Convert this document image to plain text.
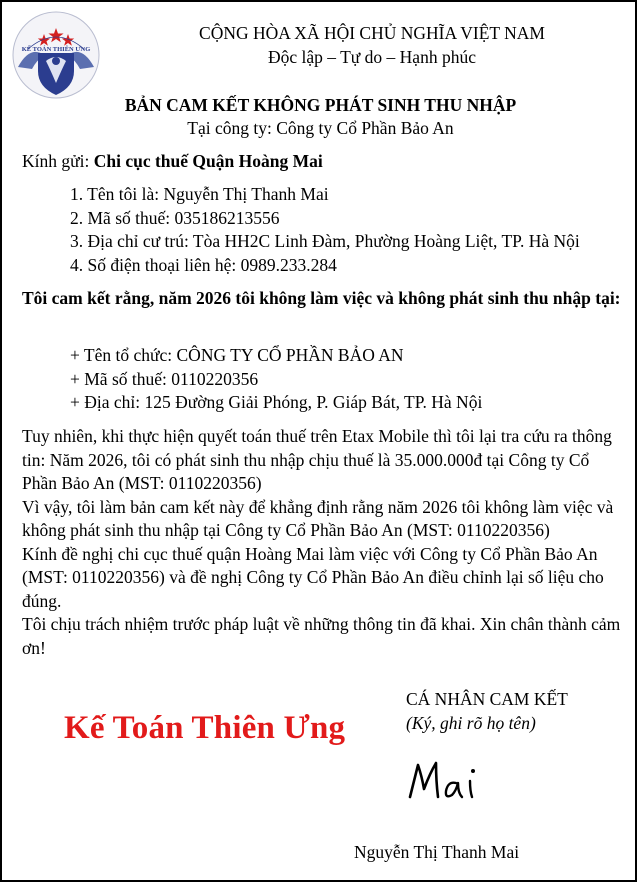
KẾ TOÁN THIÊN ƯNG
CỘNG HÒA XÃ HỘI CHỦ NGHĨA VIỆT NAM
Độc lập – Tự do – Hạnh phúc
BẢN CAM KẾT KHÔNG PHÁT SINH THU NHẬP
Tại công ty: Công ty Cổ Phần Bảo An
Kính gửi: Chi cục thuế Quận Hoàng Mai
1. Tên tôi là: Nguyễn Thị Thanh Mai
2. Mã số thuế: 035186213556
3. Địa chỉ cư trú: Tòa HH2C Linh Đàm, Phường Hoàng Liệt, TP. Hà Nội
4. Số điện thoại liên hệ: 0989.233.284
Tôi cam kết rằng, năm 2026 tôi không làm việc và không phát sinh thu nhập tại:
+ Tên tổ chức: CÔNG TY CỔ PHẦN BẢO AN
+ Mã số thuế: 0110220356
+ Địa chỉ: 125 Đường Giải Phóng, P. Giáp Bát, TP. Hà Nội

Tuy nhiên, khi thực hiện quyết toán thuế trên Etax Mobile thì tôi lại tra cứu ra thông tin: Năm 2026, tôi có phát sinh thu nhập chịu thuế là 35.000.000đ tại Công ty Cổ Phần Bảo An (MST: 0110220356)

Vì vậy, tôi làm bản cam kết này để khẳng định rằng năm 2026 tôi không làm việc và không phát sinh thu nhập tại Công ty Cổ Phần Bảo An (MST: 0110220356)

Kính đề nghị chi cục thuế quận Hoàng Mai làm việc với Công ty Cổ Phần Bảo An (MST: 0110220356) và đề nghị Công ty Cổ Phần Bảo An điều chỉnh lại số liệu cho đúng.

Tôi chịu trách nhiệm trước pháp luật về những thông tin đã khai. Xin chân thành cảm ơn!

Kế Toán Thiên Ưng
CÁ NHÂN CAM KẾT
(Ký, ghi rõ họ tên)
Nguyễn Thị Thanh Mai
